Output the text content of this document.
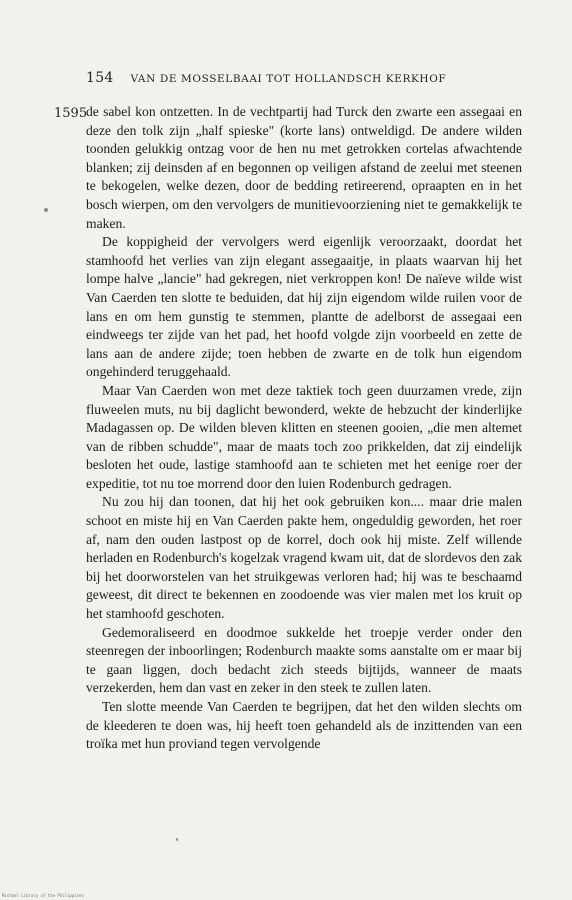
154 VAN DE MOSSELBAAI TOT HOLLANDSCH KERKHOF
1595

de sabel kon ontzetten. In de vechtpartij had Turck den zwarte een assegaai en deze den tolk zijn „half spieske" (korte lans) ontweldigd. De andere wilden toonden gelukkig ontzag voor de hen nu met getrokken cortelas afwachtende blanken; zij deinsden af en begonnen op veiligen afstand de zeelui met steenen te bekogelen, welke dezen, door de bedding retireerend, opraapten en in het bosch wierpen, om den vervolgers de munitievoorziening niet te gemakkelijk te maken.

De koppigheid der vervolgers werd eigenlijk veroorzaakt, doordat het stamhoofd het verlies van zijn elegant assegaaitje, in plaats waarvan hij het lompe halve „lancie" had gekregen, niet verkroppen kon! De naïeve wilde wist Van Caerden ten slotte te beduiden, dat hij zijn eigendom wilde ruilen voor de lans en om hem gunstig te stemmen, plantte de adelborst de assegaai een eindweegs ter zijde van het pad, het hoofd volgde zijn voorbeeld en zette de lans aan de andere zijde; toen hebben de zwarte en de tolk hun eigendom ongehinderd teruggehaald.

Maar Van Caerden won met deze taktiek toch geen duurzamen vrede, zijn fluweelen muts, nu bij daglicht bewonderd, wekte de hebzucht der kinderlijke Madagassen op. De wilden bleven klitten en steenen gooien, „die men altemet van de ribben schudde", maar de maats toch zoo prikkelden, dat zij eindelijk besloten het oude, lastige stamhoofd aan te schieten met het eenige roer der expeditie, tot nu toe morrend door den luien Rodenburch gedragen.

Nu zou hij dan toonen, dat hij het ook gebruiken kon.... maar drie malen schoot en miste hij en Van Caerden pakte hem, ongeduldig geworden, het roer af, nam den ouden lastpost op de korrel, doch ook hij miste. Zelf willende herladen en Rodenburch's kogelzak vragend kwam uit, dat de slordevos den zak bij het doorworstelen van het struikgewas verloren had; hij was te beschaamd geweest, dit direct te bekennen en zoodoende was vier malen met los kruit op het stamhoofd geschoten.

Gedemoraliseerd en doodmoe sukkelde het troepje verder onder den steenregen der inboorlingen; Rodenburch maakte soms aanstalte om er maar bij te gaan liggen, doch bedacht zich steeds bijtijds, wanneer de maats verzekerden, hem dan vast en zeker in den steek te zullen laten.

Ten slotte meende Van Caerden te begrijpen, dat het den wilden slechts om de kleederen te doen was, hij heeft toen gehandeld als de inzittenden van een troïka met hun proviand tegen vervolgende

Michael Library of the Philippines
